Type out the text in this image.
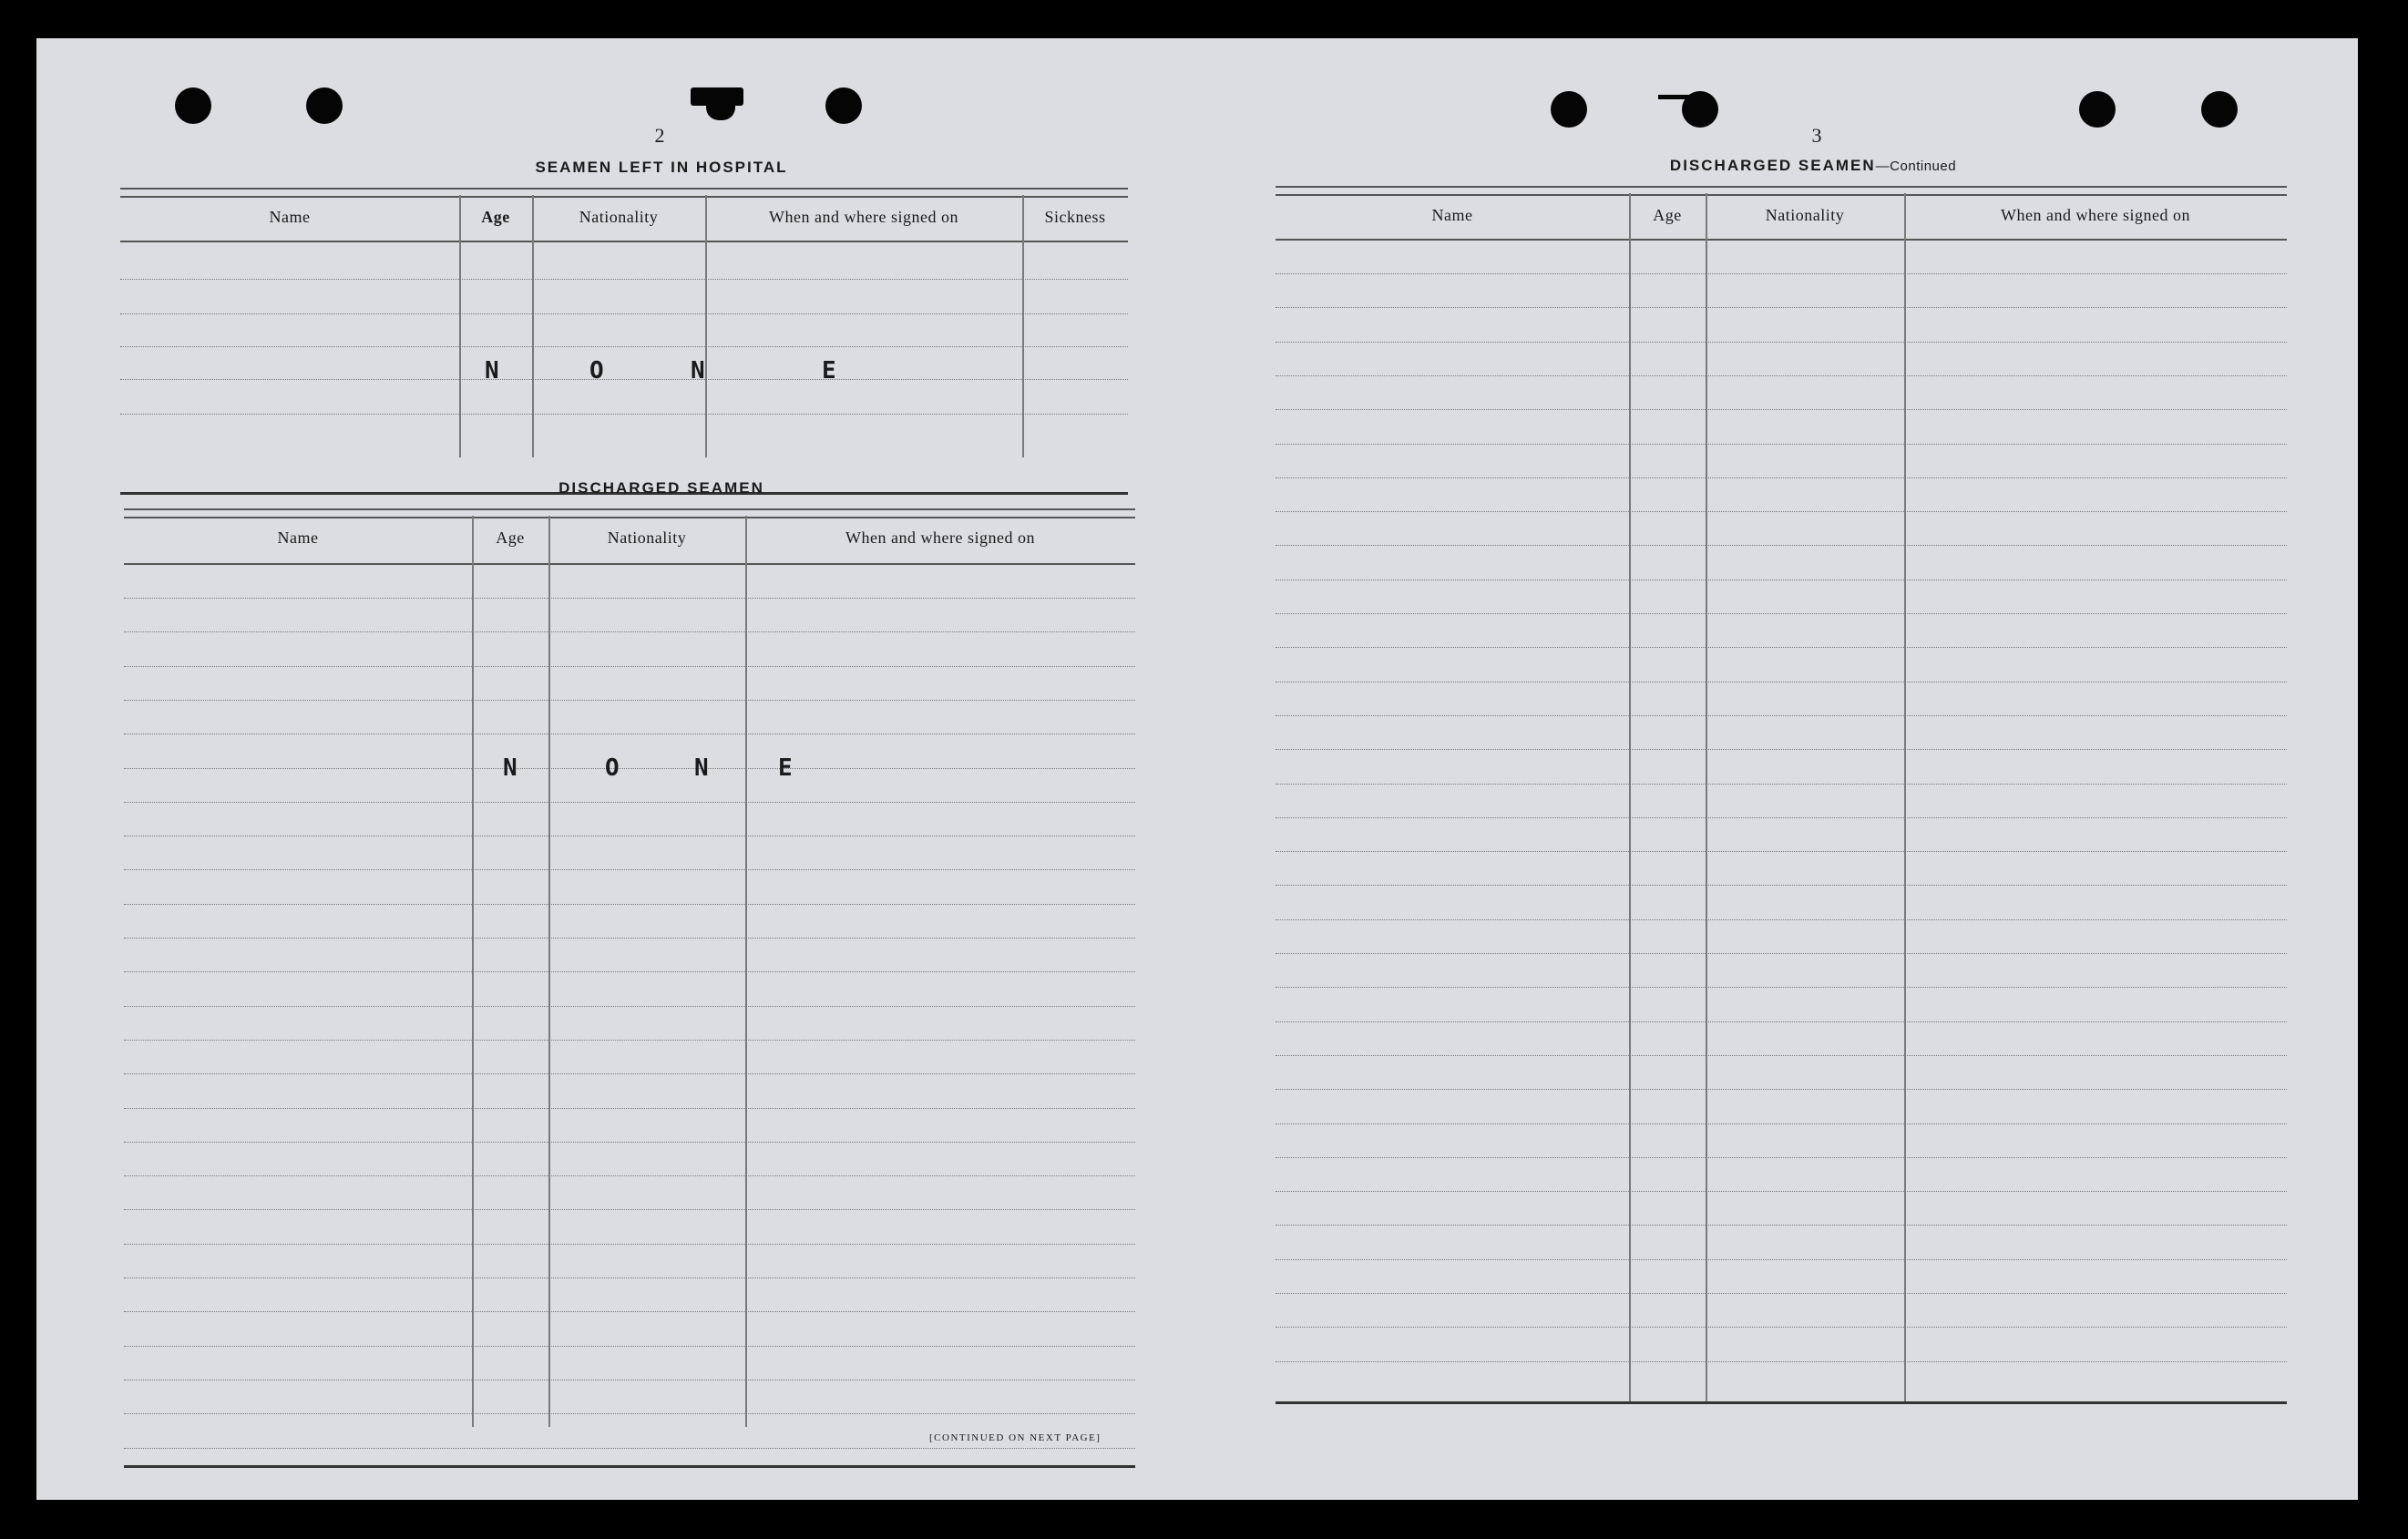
2
SEAMEN LEFT IN HOSPITAL
Name	Age	Nationality	When and where signed on	Sickness
N	O	N	E
DISCHARGED SEAMEN
Name	Age	Nationality	When and where signed on
N	O	N	E
[CONTINUED ON NEXT PAGE]
3
DISCHARGED SEAMEN—Continued
Name	Age	Nationality	When and where signed on
